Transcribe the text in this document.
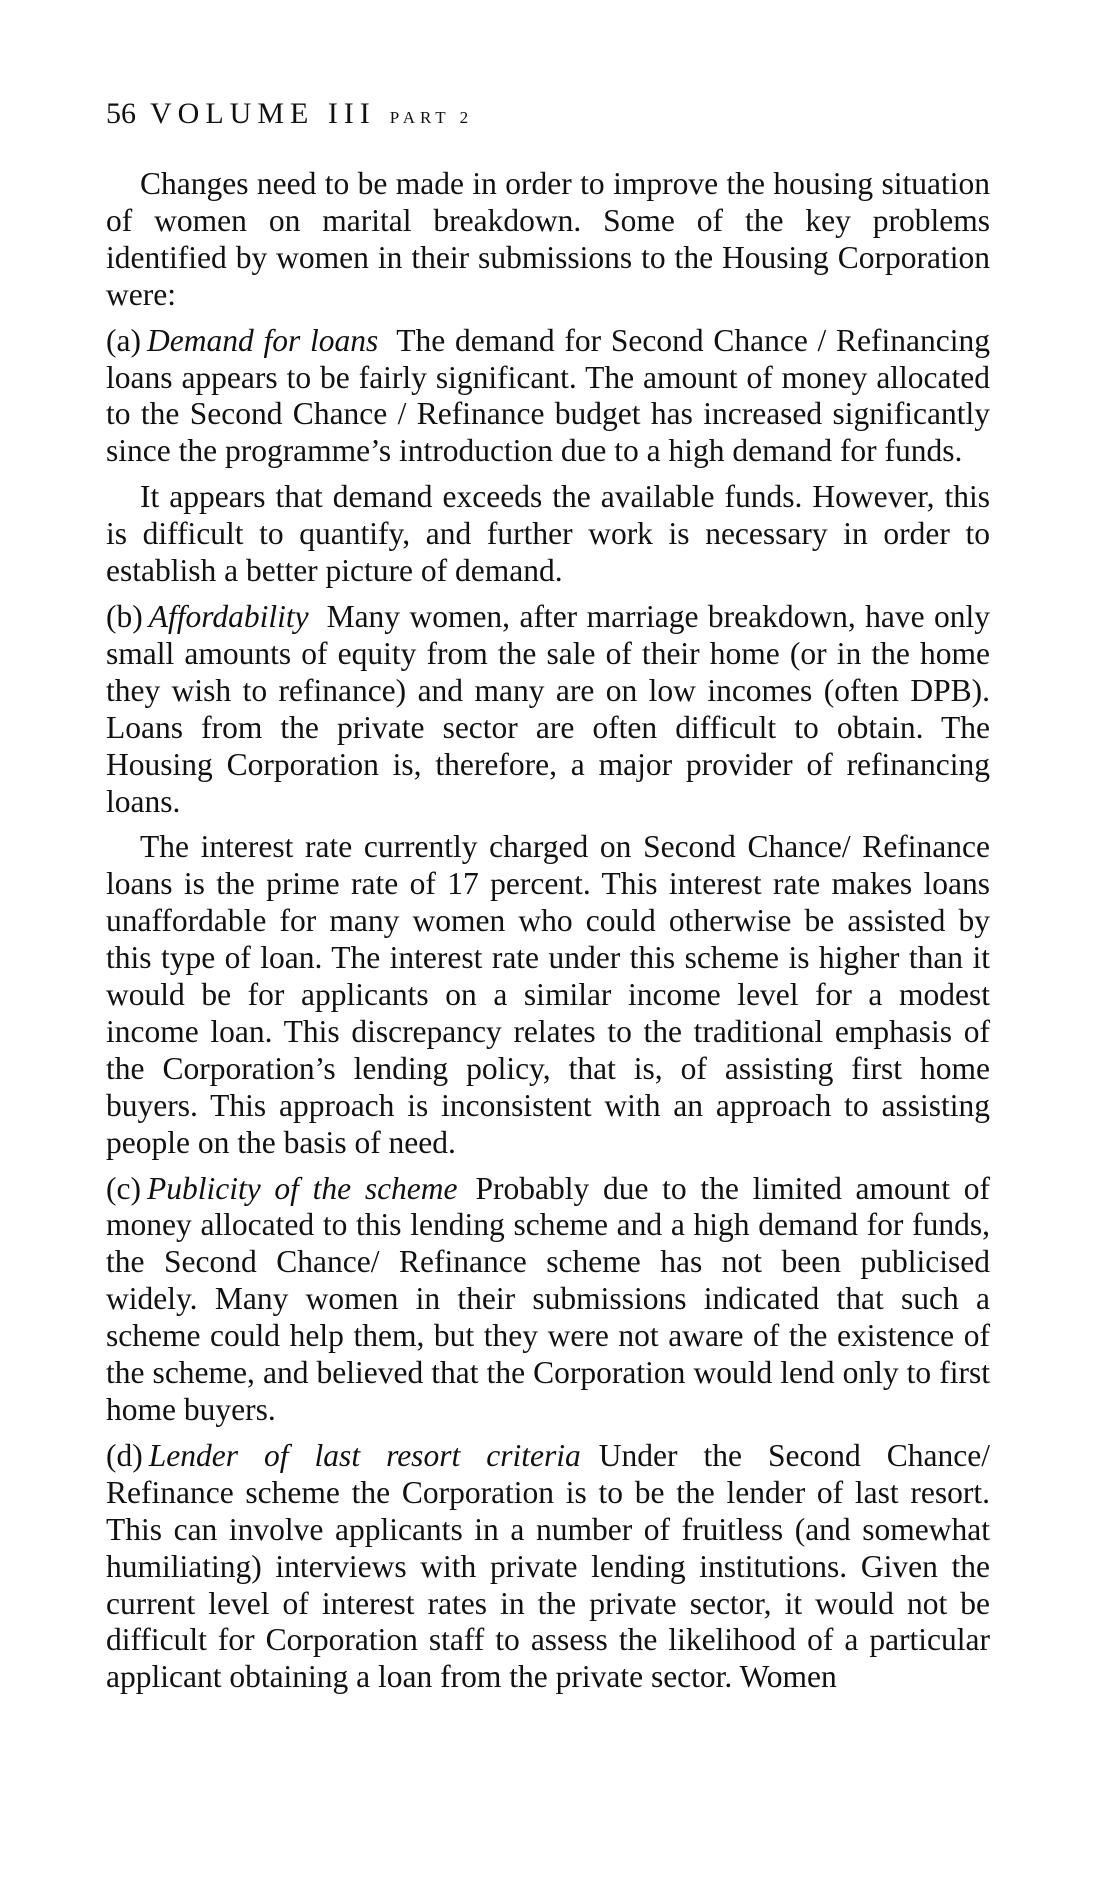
56 VOLUME III PART 2

Changes need to be made in order to improve the housing situation of women on marital breakdown. Some of the key problems identified by women in their submissions to the Housing Corporation were:

(a) Demand for loans The demand for Second Chance / Refinancing loans appears to be fairly significant. The amount of money allocated to the Second Chance / Refinance budget has increased significantly since the programme’s introduction due to a high demand for funds.

It appears that demand exceeds the available funds. However, this is difficult to quantify, and further work is necessary in order to establish a better picture of demand.

(b) Affordability Many women, after marriage breakdown, have only small amounts of equity from the sale of their home (or in the home they wish to refinance) and many are on low incomes (often DPB). Loans from the private sector are often difficult to obtain. The Housing Corporation is, therefore, a major provider of refinancing loans.

The interest rate currently charged on Second Chance/ Refinance loans is the prime rate of 17 percent. This interest rate makes loans unaffordable for many women who could otherwise be assisted by this type of loan. The interest rate under this scheme is higher than it would be for applicants on a similar income level for a modest income loan. This discrepancy relates to the traditional emphasis of the Corporation’s lending policy, that is, of assisting first home buyers. This approach is inconsistent with an approach to assisting people on the basis of need.

(c) Publicity of the scheme Probably due to the limited amount of money allocated to this lending scheme and a high demand for funds, the Second Chance/ Refinance scheme has not been publicised widely. Many women in their submissions indicated that such a scheme could help them, but they were not aware of the existence of the scheme, and believed that the Corporation would lend only to first home buyers.

(d) Lender of last resort criteria Under the Second Chance/ Refinance scheme the Corporation is to be the lender of last resort. This can involve applicants in a number of fruitless (and somewhat humiliating) interviews with private lending institutions. Given the current level of interest rates in the private sector, it would not be difficult for Corporation staff to assess the likelihood of a particular applicant obtaining a loan from the private sector. Women
